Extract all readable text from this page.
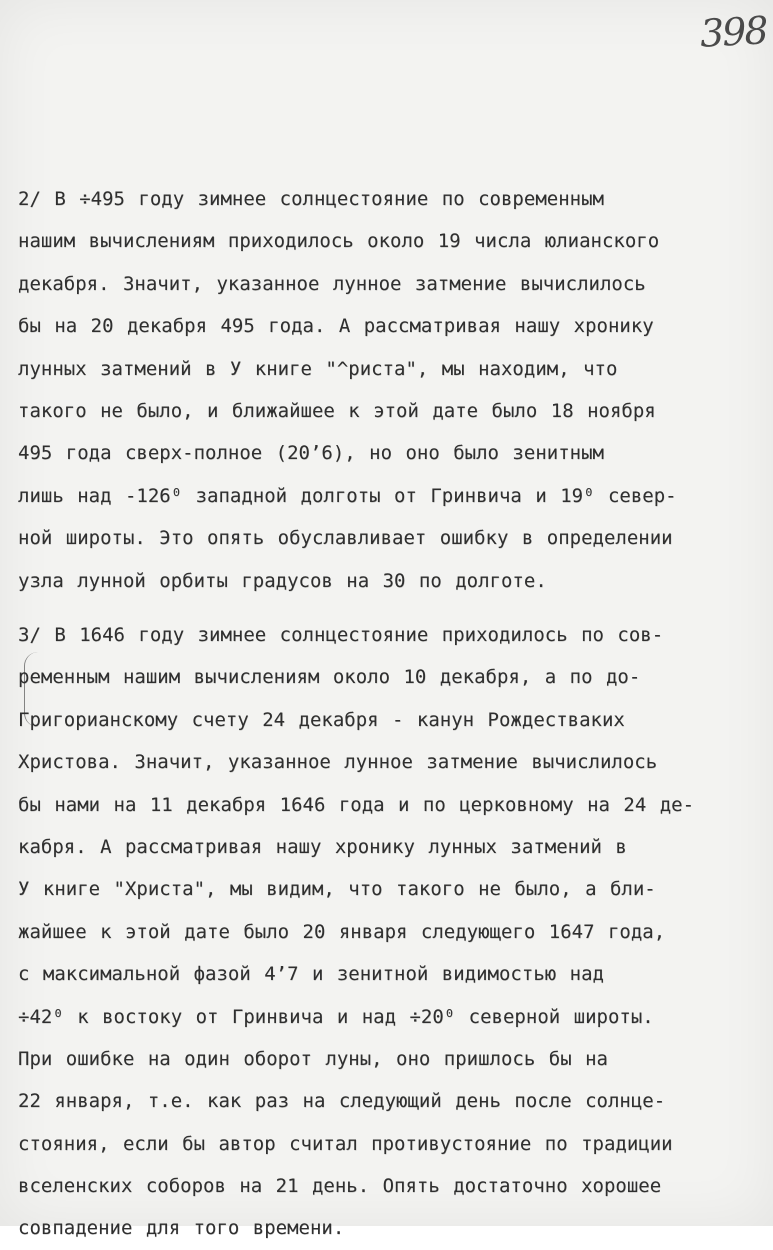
398
2/ В ÷495 году зимнее солнцестояние по современным
нашим вычислениям приходилось около 19 числа юлианского
декабря. Значит, указанное лунное затмение вычислилось
бы на 20 декабря 495 года. А рассматривая нашу хронику
лунных затмений в У книге "^риста", мы находим, что
такого не было, и ближайшее к этой дате было 18 ноября
495 года сверх-полное (20’6), но оно было зенитным
лишь над -126⁰ западной долготы от Гринвича и 19⁰ север-
ной широты. Это опять обуславливает ошибку в определении
узла лунной орбиты градусов на 30 по долготе.
3/ В 1646 году зимнее солнцестояние приходилось по сов-
ременным нашим вычислениям около 10 декабря, а по до-
Григорианскому счету 24 декабря - канун Рождестваких
Христова. Значит, указанное лунное затмение вычислилось
бы нами на 11 декабря 1646 года и по церковному на 24 де-
кабря. А рассматривая нашу хронику лунных затмений в
У книге "Христа", мы видим, что такого не было, а бли-
жайшее к этой дате было 20 января следующего 1647 года,
с максимальной фазой 4’7 и зенитной видимостью над
÷42⁰ к востоку от Гринвича и над ÷20⁰ северной широты.
При ошибке на один оборот луны, оно пришлось бы на
22 января, т.е. как раз на следующий день после солнце-
стояния, если бы автор считал противустояние по традиции
вселенских соборов на 21 день. Опять достаточно хорошее
совпадение для того времени.
